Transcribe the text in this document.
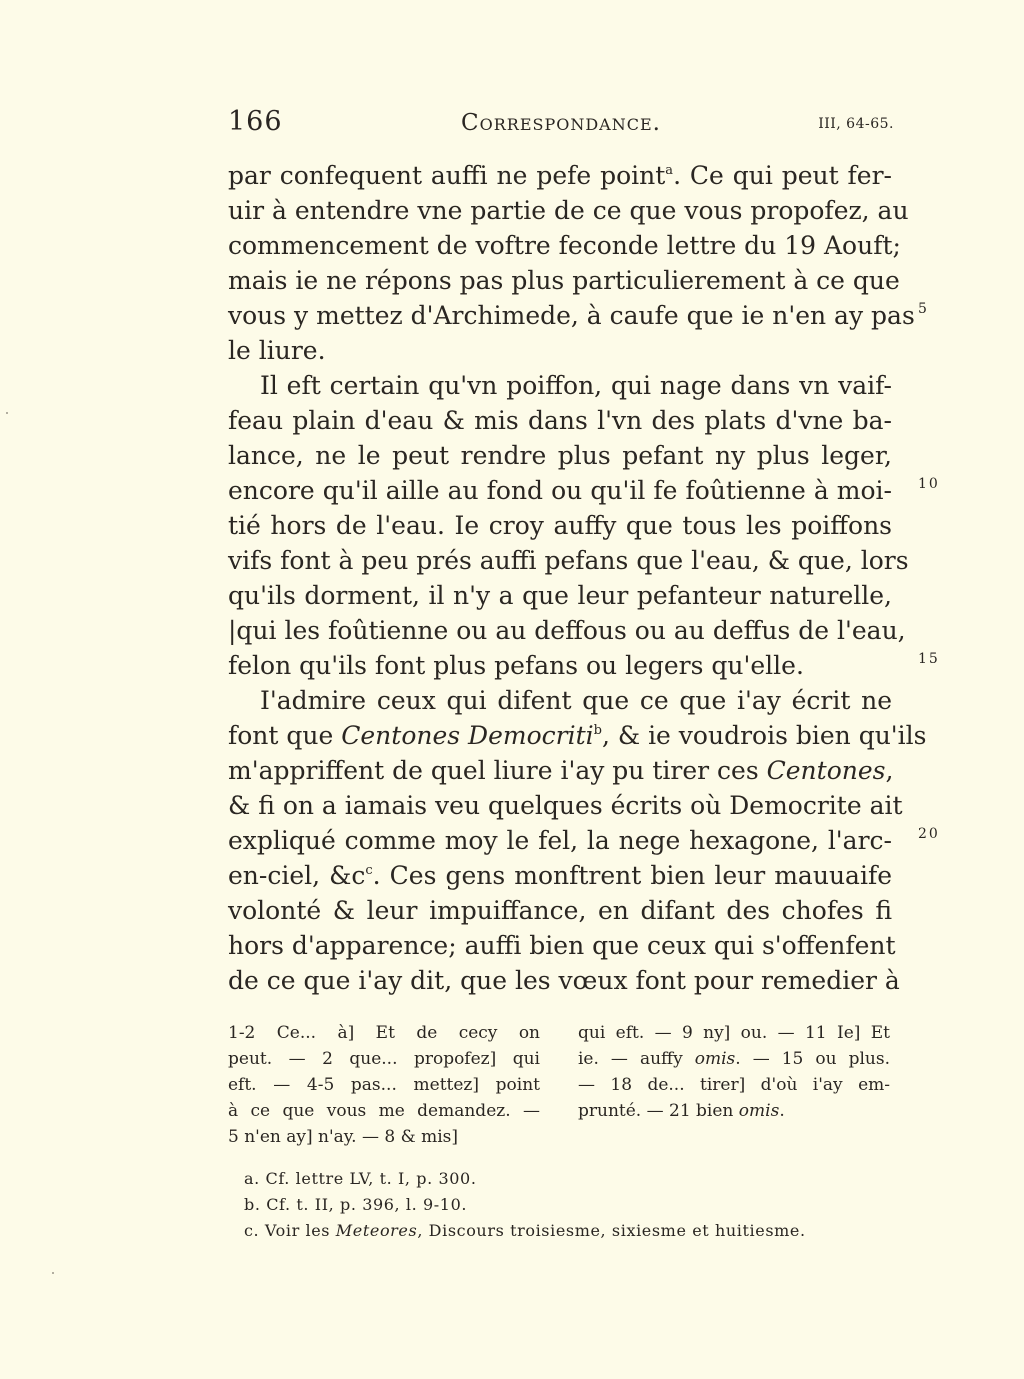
166	Correspondance.	III, 64-65.
par confequent auffi ne pefe point$^a$. Ce qui peut fer-
uir à entendre vne partie de ce que vous propofez, au
commencement de voftre feconde lettre du 19 Aouft;
mais ie ne répons pas plus particulierement à ce que
vous y mettez d'Archimede, à caufe que ie n'en ay pas
le liure.
Il eft certain qu'vn poiffon, qui nage dans vn vaif-
feau plain d'eau & mis dans l'vn des plats d'vne ba-
lance, ne le peut rendre plus pefant ny plus leger,
encore qu'il aille au fond ou qu'il fe foûtienne à moi-
tié hors de l'eau. Ie croy auffy que tous les poiffons
vifs font à peu prés auffi pefans que l'eau, & que, lors
qu'ils dorment, il n'y a que leur pefanteur naturelle,
|qui les foûtienne ou au deffous ou au deffus de l'eau,
felon qu'ils font plus pefans ou legers qu'elle.
I'admire ceux qui difent que ce que i'ay écrit ne
font que Centones Democriti$^b$, & ie voudrois bien qu'ils
m'appriffent de quel liure i'ay pu tirer ces Centones,
& fi on a iamais veu quelques écrits où Democrite ait
expliqué comme moy le fel, la nege hexagone, l'arc-
en-ciel, $\&c^c$. Ces gens monftrent bien leur mauuaife
volonté & leur impuiffance, en difant des chofes fi
hors d'apparence; auffi bien que ceux qui s'offenfent
de ce que i'ay dit, que les vœux font pour remedier à
5
10
15
20
1-2 Ce... à] Et de cecy on
peut. — 2 que... propofez] qui
eft. — 4-5 pas... mettez] point
à ce que vous me demandez. —
5 n'en ay] n'ay. — 8 & mis]
qui eft. — 9 ny] ou. — 11 Ie] Et
ie. — auffy omis. — 15 ou plus.
— 18 de... tirer] d'où i'ay em-
prunté. — 21 bien omis.
a. Cf. lettre LV, t. I, p. 300.
b. Cf. t. II, p. 396, l. 9-10.
c. Voir les Meteores, Discours troisiesme, sixiesme et huitiesme.
